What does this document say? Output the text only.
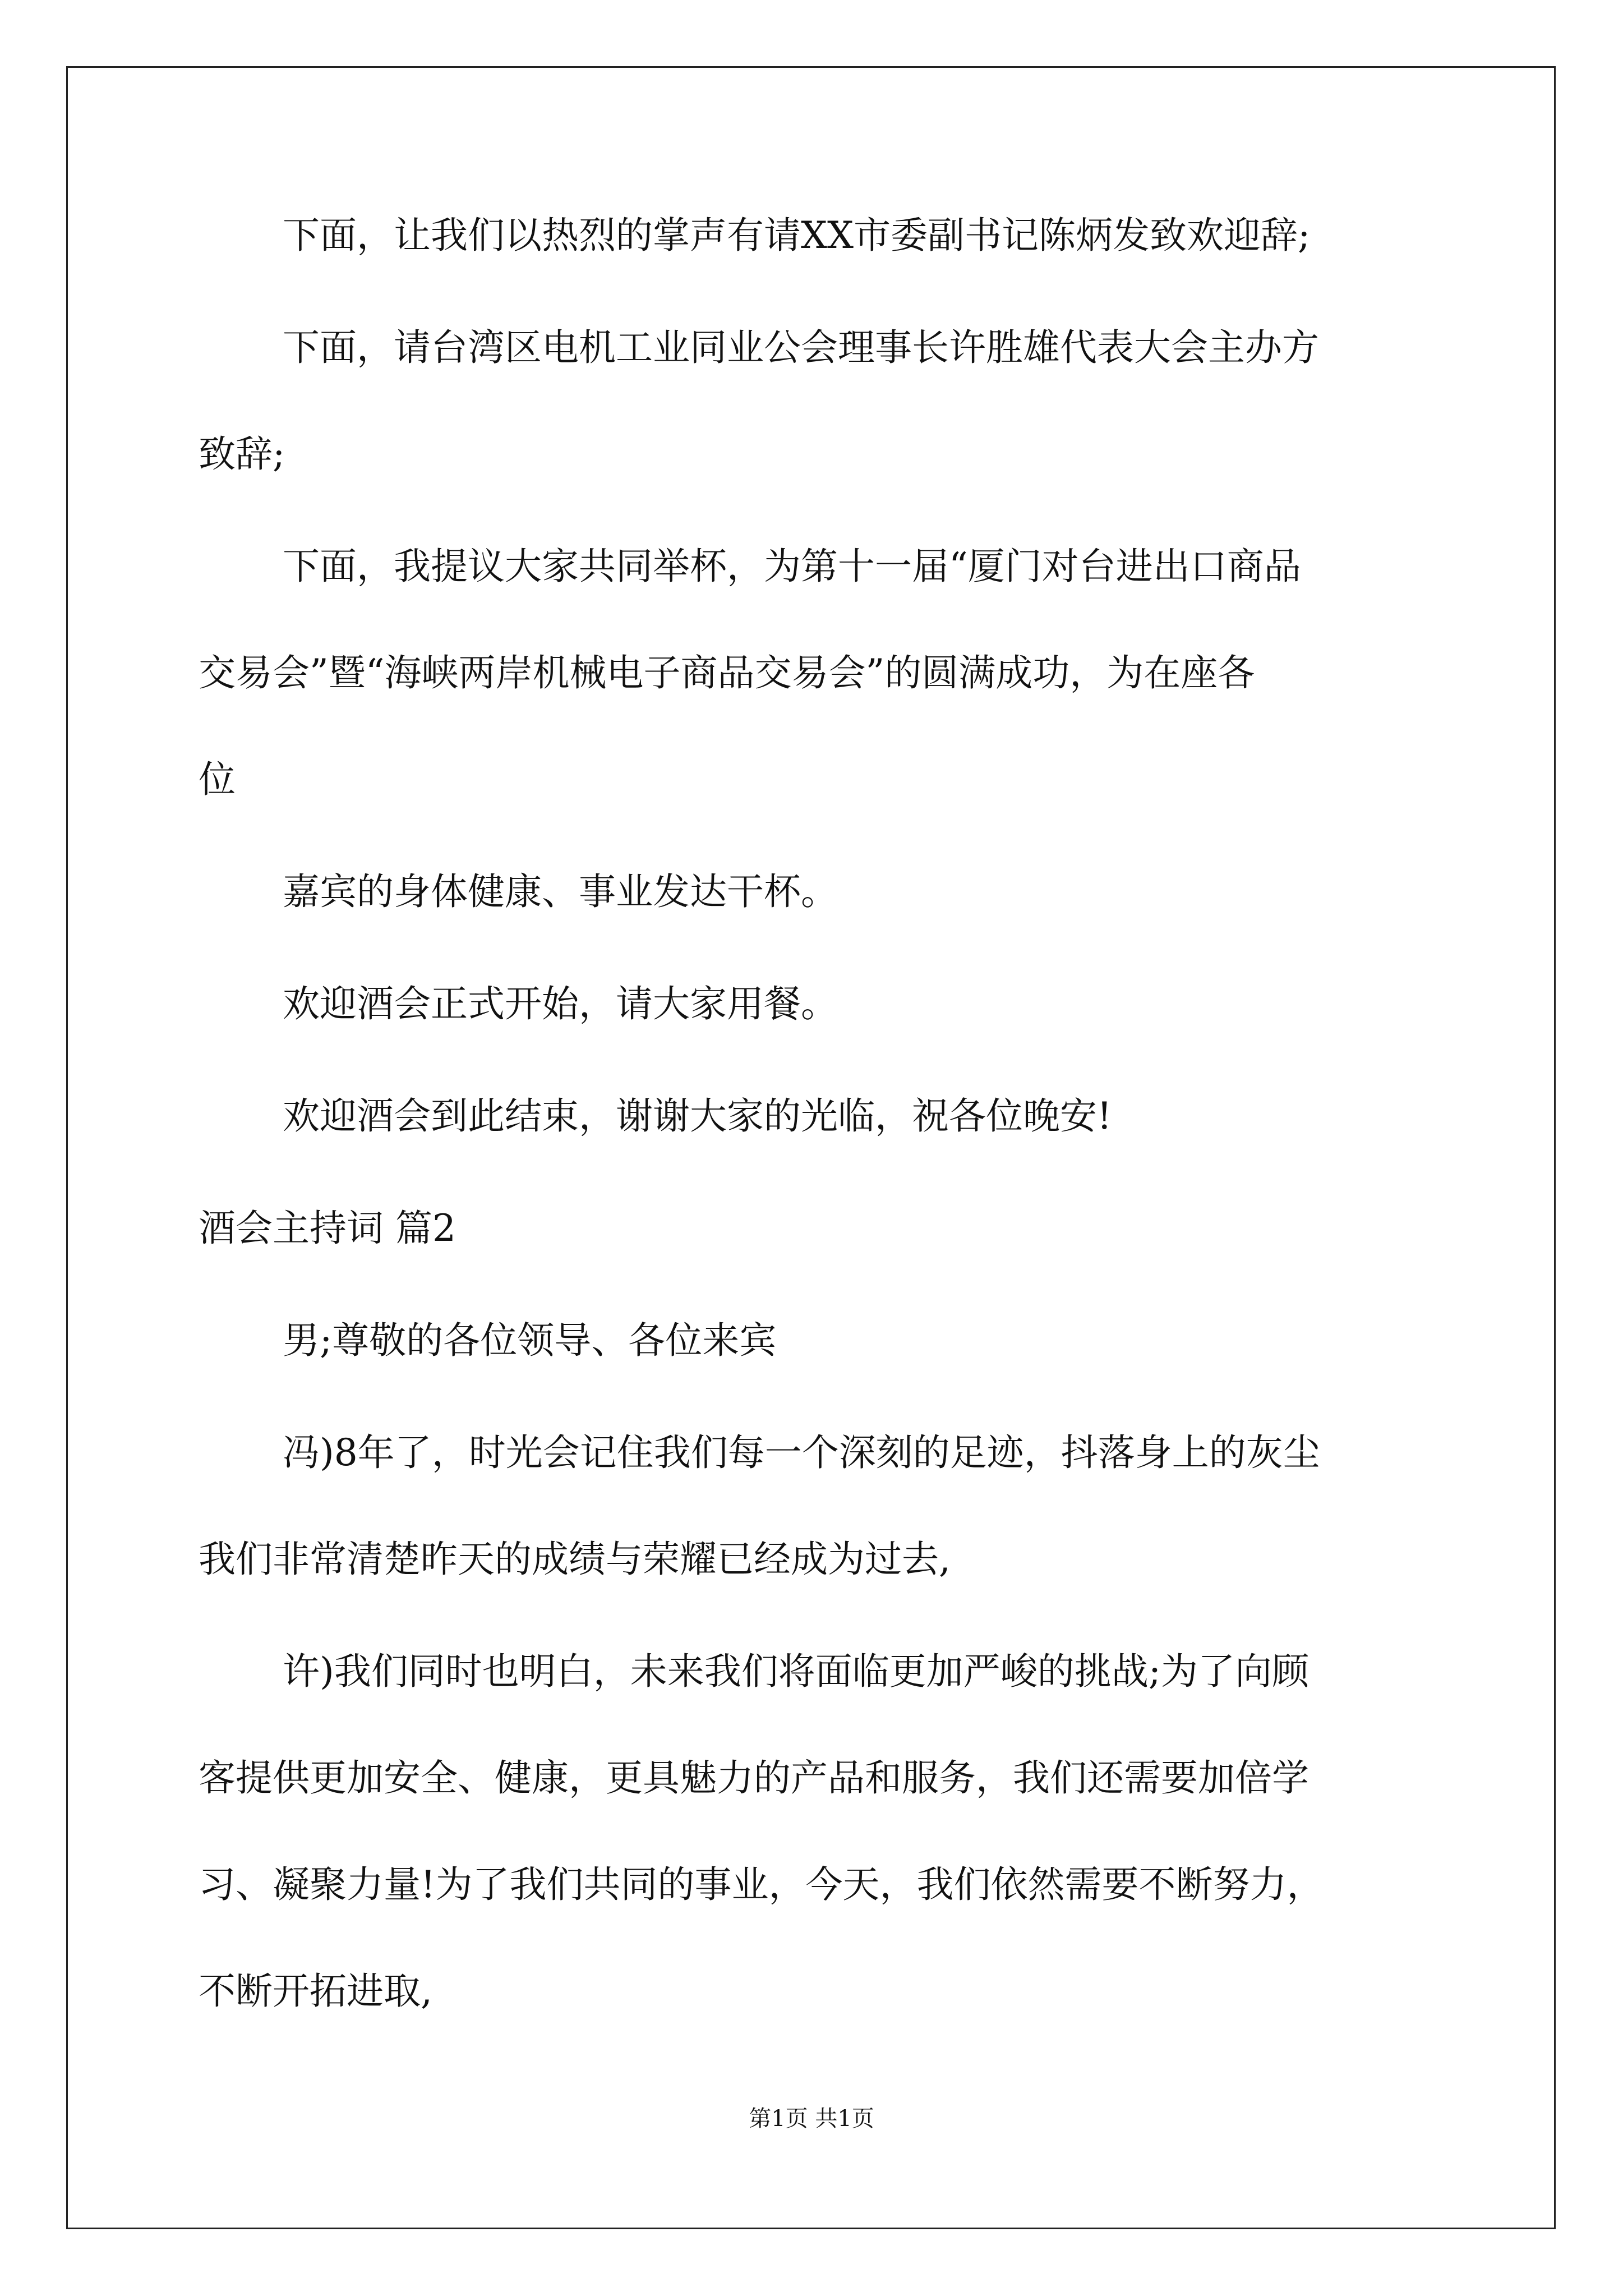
下面，让我们以热烈的掌声有请XX市委副书记陈炳发致欢迎辞;
下面，请台湾区电机工业同业公会理事长许胜雄代表大会主办方
致辞;
下面，我提议大家共同举杯，为第十一届“厦门对台进出口商品
交易会”暨“海峡两岸机械电子商品交易会”的圆满成功，为在座各
位
嘉宾的身体健康、事业发达干杯。
欢迎酒会正式开始，请大家用餐。
欢迎酒会到此结束，谢谢大家的光临，祝各位晚安!
酒会主持词 篇2
男;尊敬的各位领导、各位来宾
冯)8年了，时光会记住我们每一个深刻的足迹，抖落身上的灰尘
我们非常清楚昨天的成绩与荣耀已经成为过去,
许)我们同时也明白，未来我们将面临更加严峻的挑战;为了向顾
客提供更加安全、健康，更具魅力的产品和服务，我们还需要加倍学
习、凝聚力量!为了我们共同的事业，今天，我们依然需要不断努力，
不断开拓进取,
第1页 共1页
